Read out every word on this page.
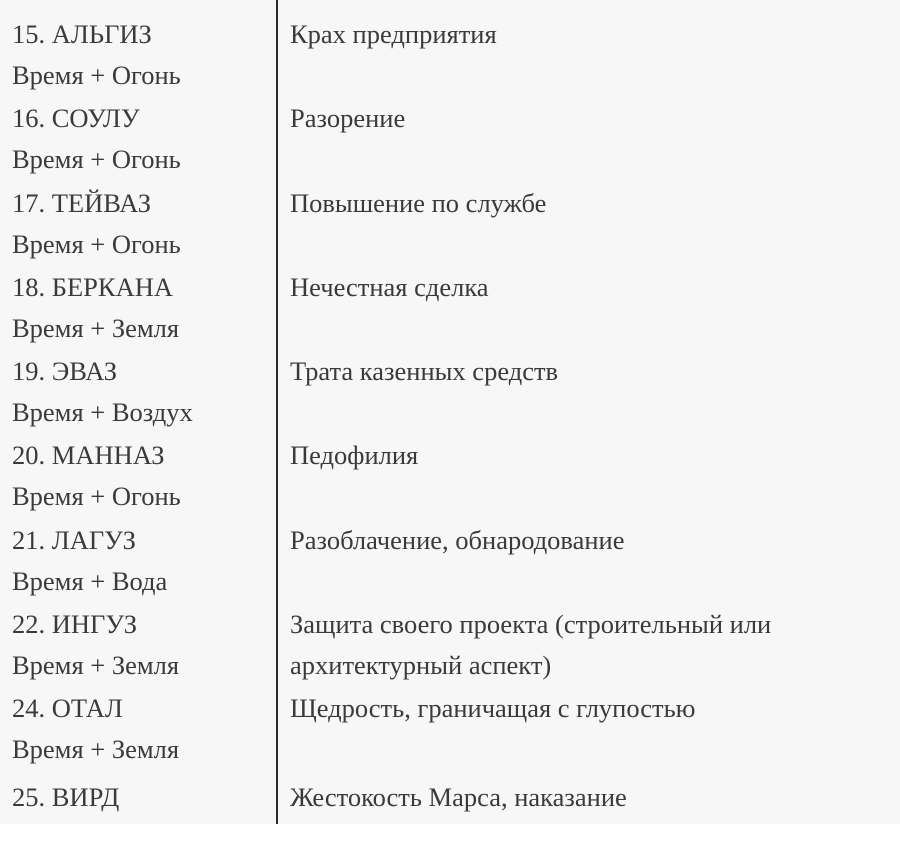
15. АЛЬГИЗ
Время + Огонь
Крах предприятия
16. СОУЛУ
Время + Огонь
Разорение
17. ТЕЙВАЗ
Время + Огонь
Повышение по службе
18. БЕРКАНА
Время + Земля
Нечестная сделка
19. ЭВАЗ
Время + Воздух
Трата казенных средств
20. МАННАЗ
Время + Огонь
Педофилия
21. ЛАГУЗ
Время + Вода
Разоблачение, обнародование
22. ИНГУЗ
Время + Земля
Защита своего проекта (строительный или
архитектурный аспект)
24. ОТАЛ
Время + Земля
Щедрость, граничащая с глупостью
25. ВИРД	Жестокость Марса, наказание
